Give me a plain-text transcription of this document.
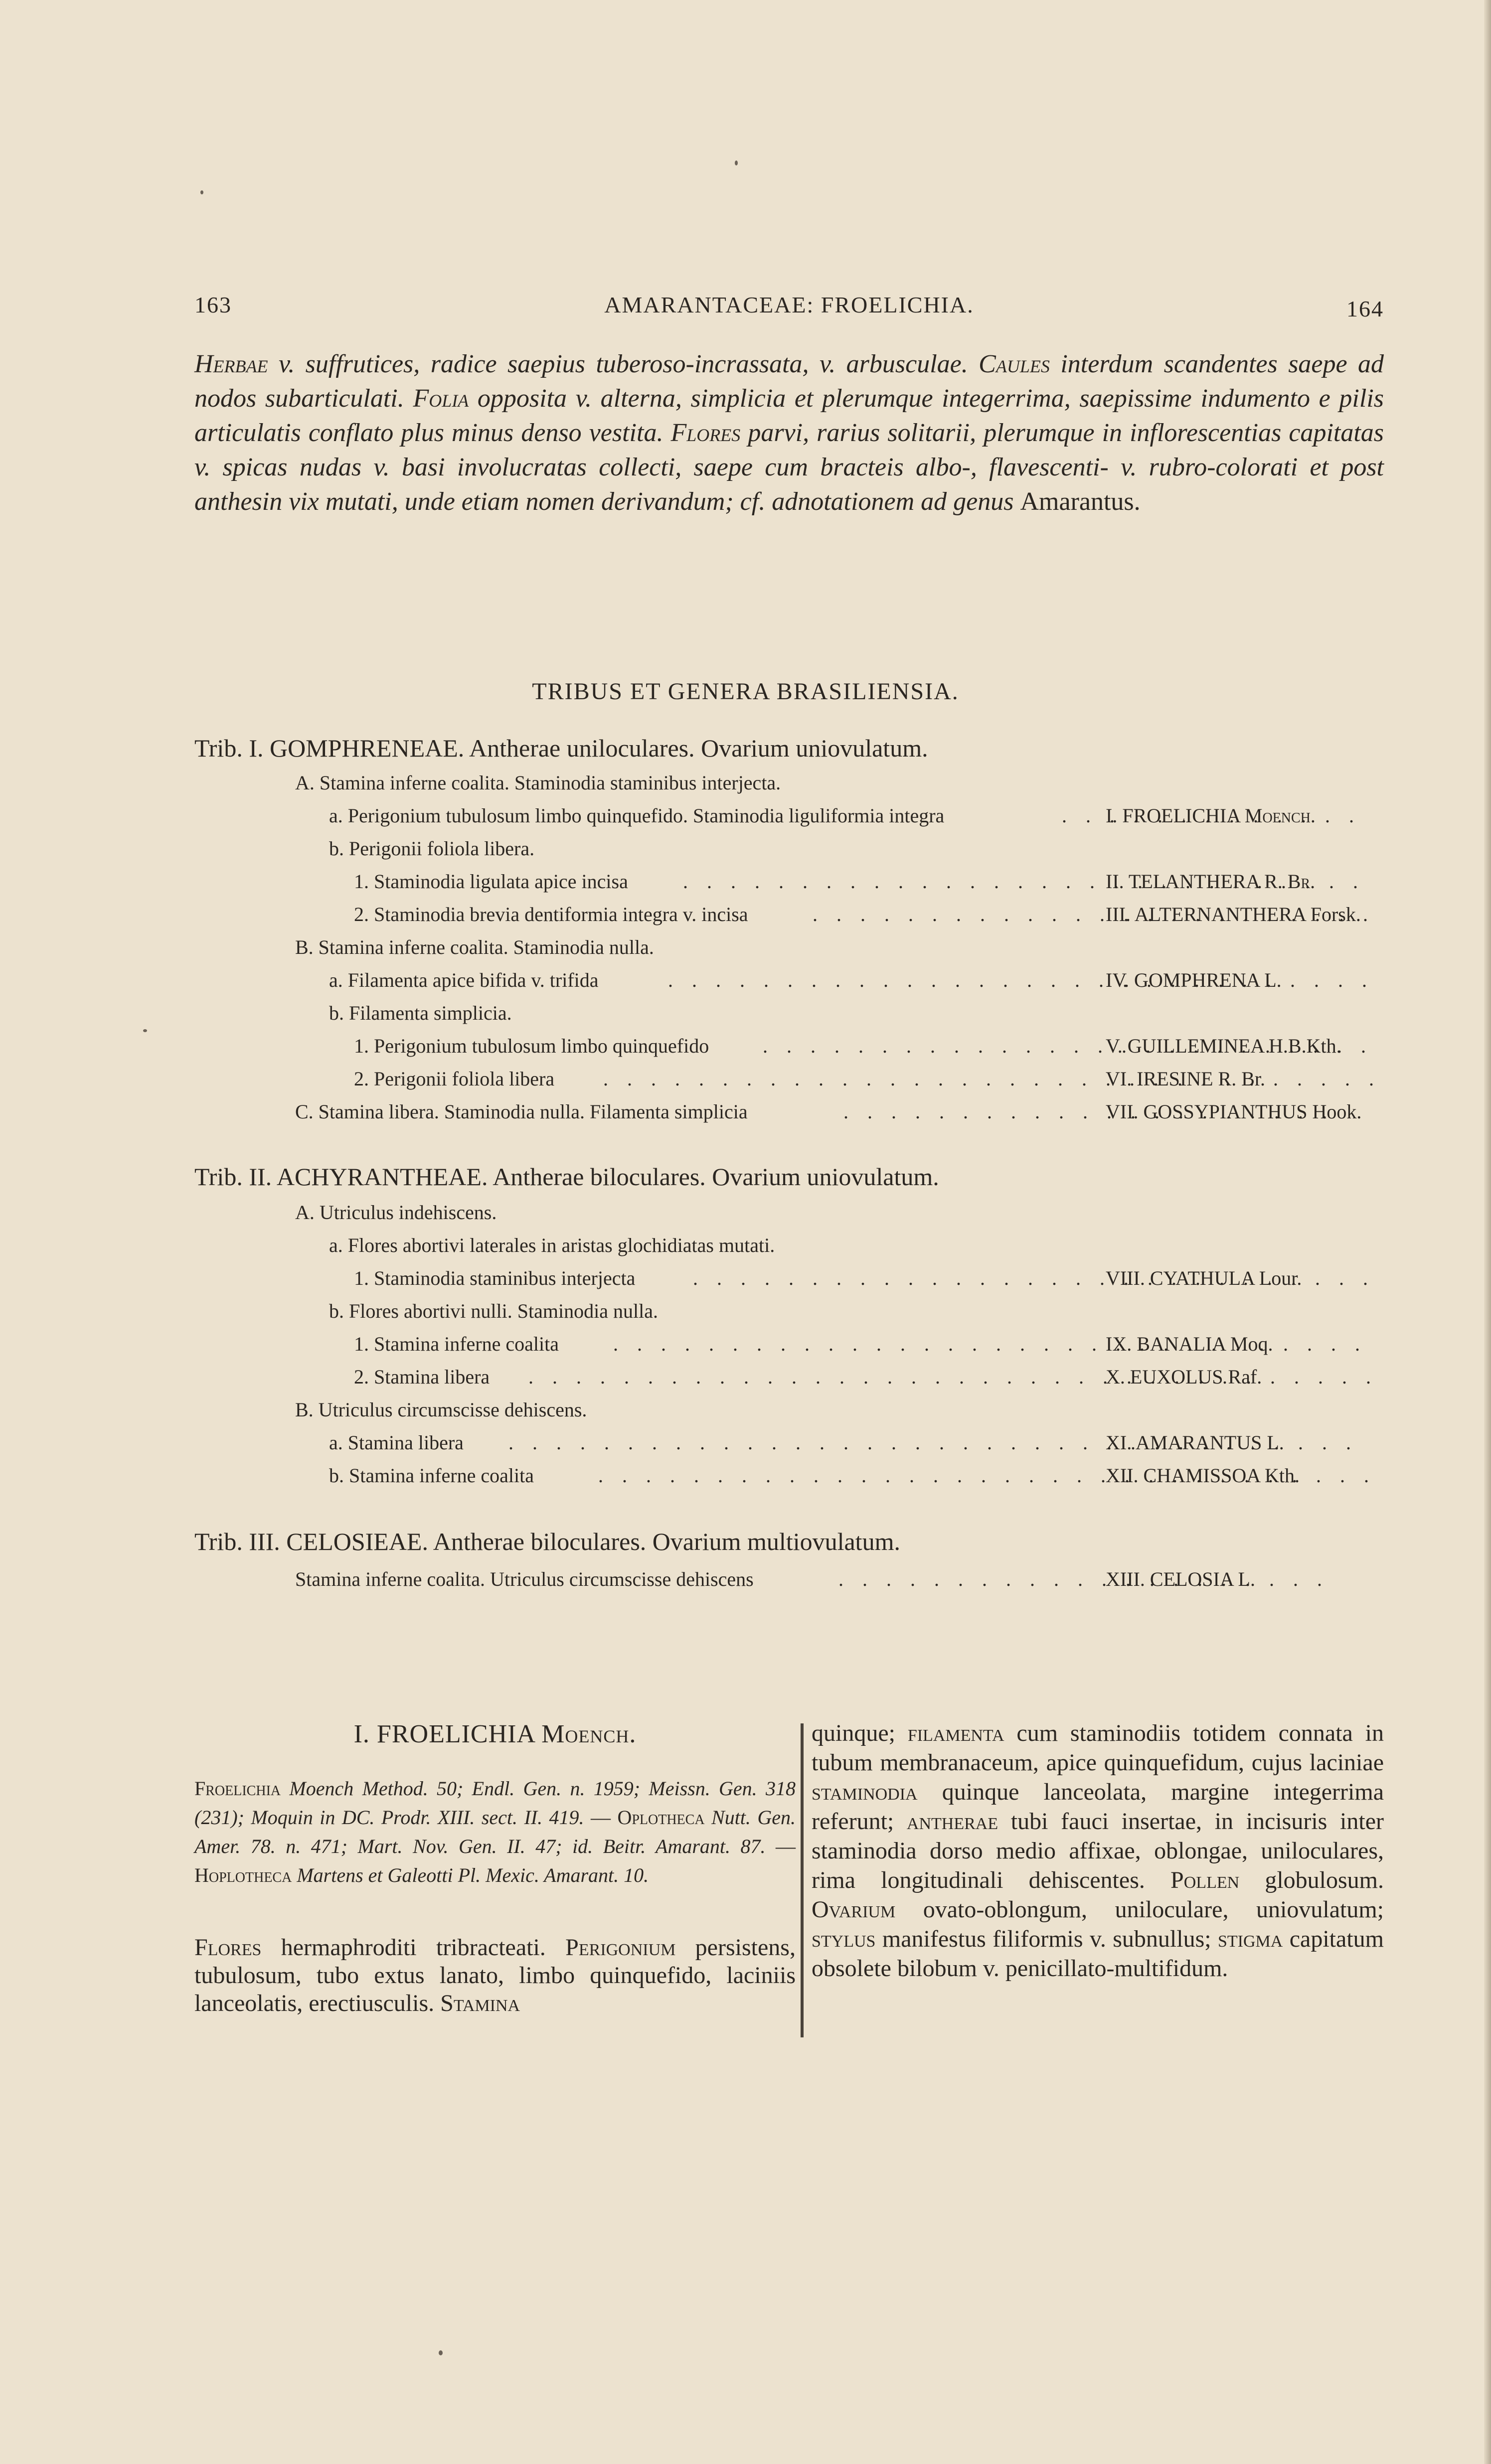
163	AMARANTACEAE: FROELICHIA.	164
Herbae v. suffrutices, radice saepius tuberoso-incrassata, v. arbusculae. Caules interdum scandentes saepe ad nodos subarticulati. Folia opposita v. alterna, simplicia et plerumque integerrima, saepissime indumento e pilis articulatis conflato plus minus denso vestita. Flores parvi, rarius solitarii, plerumque in inflorescentias capitatas v. spicas nudas v. basi involucratas collecti, saepe cum bracteis albo-, flavescenti- v. rubro-colorati et post anthesin vix mutati, unde etiam nomen derivandum; cf. adnotationem ad genus Amarantus.
TRIBUS ET GENERA BRASILIENSIA.
Trib. I. GOMPHRENEAE. Antherae uniloculares. Ovarium uniovulatum.
A. Stamina inferne coalita. Staminodia staminibus interjecta.
a. Perigonium tubulosum limbo quinquefido. Staminodia liguliformia integra . . .	I. FROELICHIA Moench.
b. Perigonii foliola libera.
1. Staminodia ligulata apice incisa . . .	II. TELANTHERA R. Br.
2. Staminodia brevia dentiformia integra v. incisa . . .	III. ALTERNANTHERA Forsk.
B. Stamina inferne coalita. Staminodia nulla.
a. Filamenta apice bifida v. trifida . . .	IV. GOMPHRENA L.
b. Filamenta simplicia.
1. Perigonium tubulosum limbo quinquefido . . .	V. GUILLEMINEA H.B.Kth.
2. Perigonii foliola libera . . .	VI. IRESINE R. Br.
C. Stamina libera. Staminodia nulla. Filamenta simplicia . . .	VII. GOSSYPIANTHUS Hook.
Trib. II. ACHYRANTHEAE. Antherae biloculares. Ovarium uniovulatum.
A. Utriculus indehiscens.
a. Flores abortivi laterales in aristas glochidiatas mutati.
1. Staminodia staminibus interjecta . . .	VIII. CYATHULA Lour.
b. Flores abortivi nulli. Staminodia nulla.
1. Stamina inferne coalita . . .	IX. BANALIA Moq.
2. Stamina libera . . .	X. EUXOLUS Raf.
B. Utriculus circumscisse dehiscens.
a. Stamina libera . . .	XI. AMARANTUS L.
b. Stamina inferne coalita . . .	XII. CHAMISSOA Kth.
Trib. III. CELOSIEAE. Antherae biloculares. Ovarium multiovulatum.
Stamina inferne coalita. Utriculus circumscisse dehiscens . . .	XIII. CELOSIA L.
I. FROELICHIA Moench.
Froelichia Moench Method. 50; Endl. Gen. n. 1959; Meissn. Gen. 318 (231); Moquin in DC. Prodr. XIII. sect. II. 419. — Oplotheca Nutt. Gen. Amer. 78. n. 471; Mart. Nov. Gen. II. 47; id. Beitr. Amarant. 87. — Hoplotheca Martens et Galeotti Pl. Mexic. Amarant. 10.
Flores hermaphroditi tribracteati. Perigonium persistens, tubulosum, tubo extus lanato, limbo quinquefido, laciniis lanceolatis, erectiusculis. Stamina
quinque; filamenta cum staminodiis totidem connata in tubum membranaceum, apice quinquefidum, cujus laciniae staminodia quinque lanceolata, margine integerrima referunt; antherae tubi fauci insertae, in incisuris inter staminodia dorso medio affixae, oblongae, uniloculares, rima longitudinali dehiscentes. Pollen globulosum. Ovarium ovato-oblongum, uniloculare, uniovulatum; stylus manifestus filiformis v. subnullus; stigma capitatum obsolete bilobum v. penicillato-multifidum.
